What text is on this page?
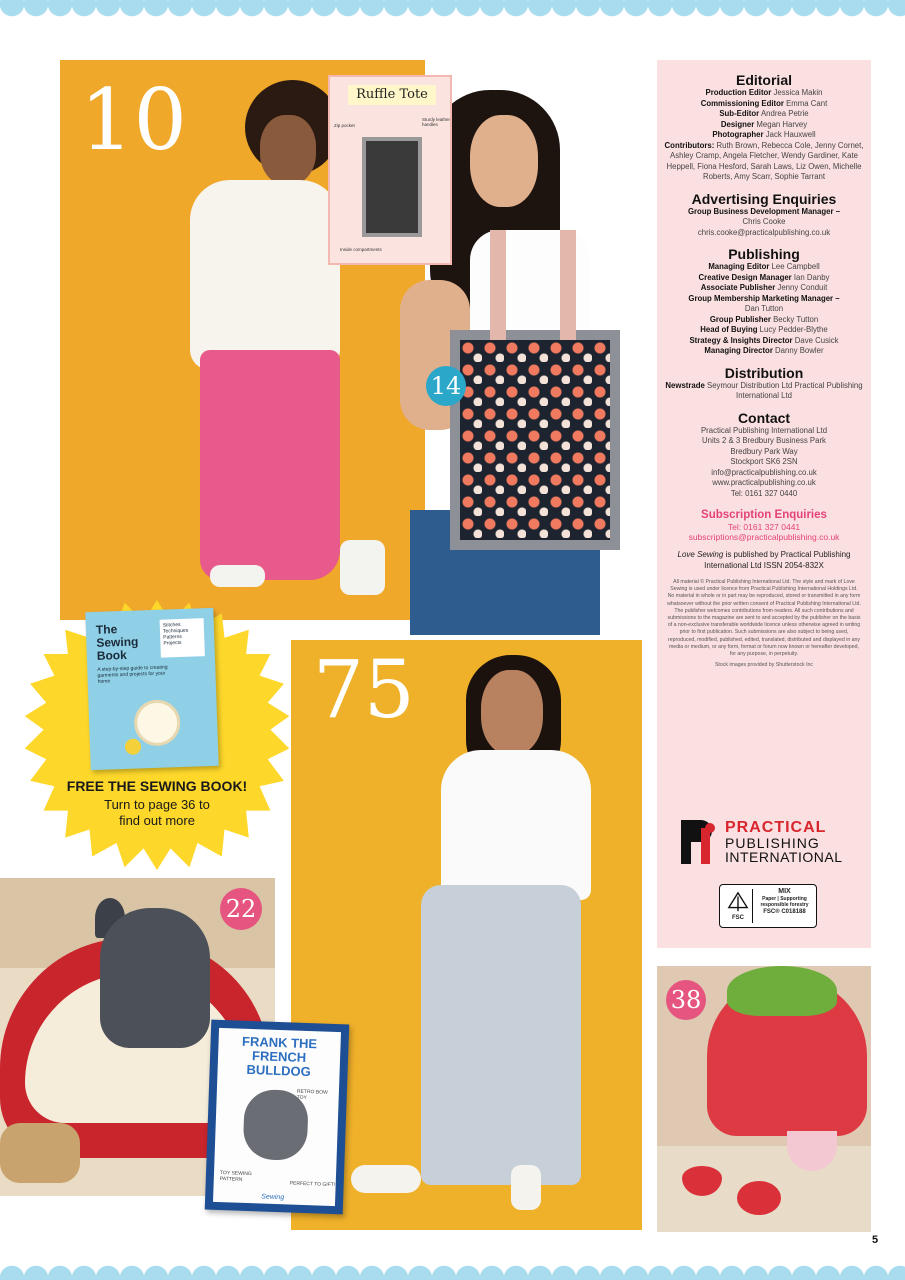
10
14
Ruffle Tote
Zip pocket
Sturdy leather handles
Inside compartments
75
The Sewing Book
Stitches
Techniques
Patterns
Projects
A step-by-step guide to creating garments and projects for your home
FREE THE SEWING BOOK!
Turn to page 36 to find out more
22
FRANK THE FRENCH BULLDOG
RETRO BOW TOY
TOY SEWING PATTERN
PERFECT TO GIFT!
Sewing
38
Editorial
Production Editor Jessica Makin
Commissioning Editor Emma Cant
Sub-Editor Andrea Petrie
Designer Megan Harvey
Photographer Jack Hauxwell
Contributors: Ruth Brown, Rebecca Cole, Jenny Cornet, Ashley Cramp, Angela Fletcher, Wendy Gardiner, Kate Heppell, Fiona Hesford, Sarah Laws, Liz Owen, Michelle Roberts, Amy Scarr, Sophie Tarrant
Advertising Enquiries
Group Business Development Manager –
Chris Cooke
chris.cooke@practicalpublishing.co.uk
Publishing
Managing Editor Lee Campbell
Creative Design Manager Ian Danby
Associate Publisher Jenny Conduit
Group Membership Marketing Manager –
Dan Tutton
Group Publisher Becky Tutton
Head of Buying Lucy Pedder-Blythe
Strategy & Insights Director Dave Cusick
Managing Director Danny Bowler
Distribution
Newstrade Seymour Distribution Ltd Practical Publishing International Ltd
Contact
Practical Publishing International Ltd
Units 2 & 3 Bredbury Business Park
Bredbury Park Way
Stockport SK6 2SN
info@practicalpublishing.co.uk
www.practicalpublishing.co.uk
Tel: 0161 327 0440
Subscription Enquiries
Tel: 0161 327 0441
subscriptions@practicalpublishing.co.uk
Love Sewing is published by Practical Publishing International Ltd ISSN 2054-832X
All material © Practical Publishing International Ltd. The style and mark of Love Sewing is used under licence from Practical Publishing International Holdings Ltd. No material in whole or in part may be reproduced, stored or transmitted in any form whatsoever without the prior written consent of Practical Publishing International Ltd. The publisher welcomes contributions from readers. All such contributions and submissions to the magazine are sent to and accepted by the publisher on the basis of a non-exclusive transferable worldwide licence unless otherwise agreed in writing prior to first publication. Such submissions are also subject to being used, reproduced, modified, published, edited, translated, distributed and displayed in any media or medium, or any form, format or forum now known or hereafter developed, for any purpose, in perpetuity.
Stock images provided by Shutterstock Inc
PRACTICAL
PUBLISHING
INTERNATIONAL
FSC
MIX
Paper | Supporting responsible forestry
FSC® C018188
5
